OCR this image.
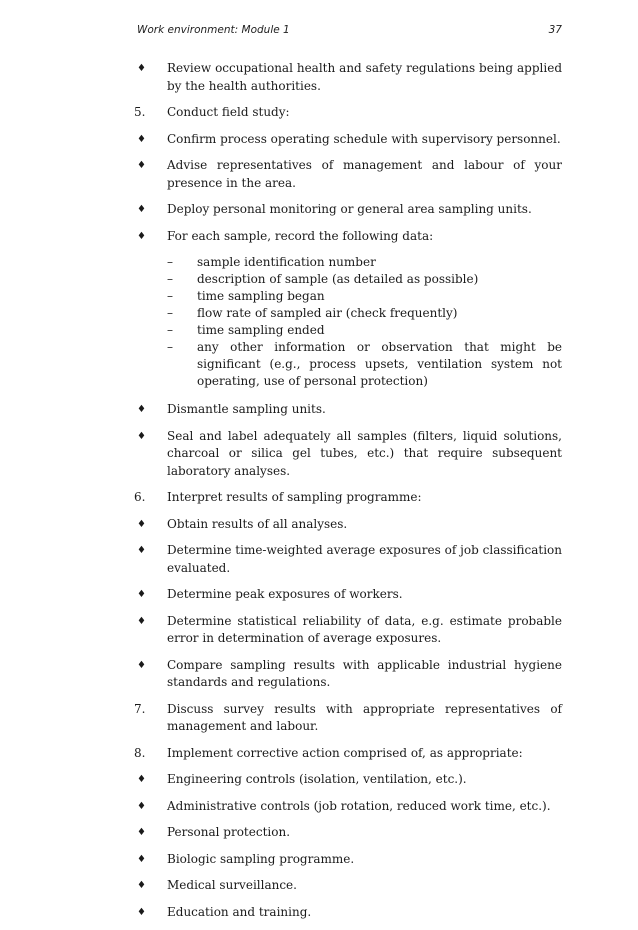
Work environment: Module 1	37
♦	Review occupational health and safety regulations being applied by the health authorities.
5.	Conduct field study:
♦	Confirm process operating schedule with supervisory personnel.
♦	Advise representatives of management and labour of your presence in the area.
♦	Deploy personal monitoring or general area sampling units.
♦	For each sample, record the following data:
– sample identification number
– description of sample (as detailed as possible)
– time sampling began
– flow rate of sampled air (check frequently)
– time sampling ended
– any other information or observation that might be significant (e.g., process upsets, ventilation system not operating, use of personal protection)
♦	Dismantle sampling units.
♦	Seal and label adequately all samples (filters, liquid solutions, charcoal or silica gel tubes, etc.) that require subsequent laboratory analyses.
6.	Interpret results of sampling programme:
♦	Obtain results of all analyses.
♦	Determine time-weighted average exposures of job classification evaluated.
♦	Determine peak exposures of workers.
♦	Determine statistical reliability of data, e.g. estimate probable error in determination of average exposures.
♦	Compare sampling results with applicable industrial hygiene standards and regulations.
7.	Discuss survey results with appropriate representatives of management and labour.
8.	Implement corrective action comprised of, as appropriate:
♦	Engineering controls (isolation, ventilation, etc.).
♦	Administrative controls (job rotation, reduced work time, etc.).
♦	Personal protection.
♦	Biologic sampling programme.
♦	Medical surveillance.
♦	Education and training.
